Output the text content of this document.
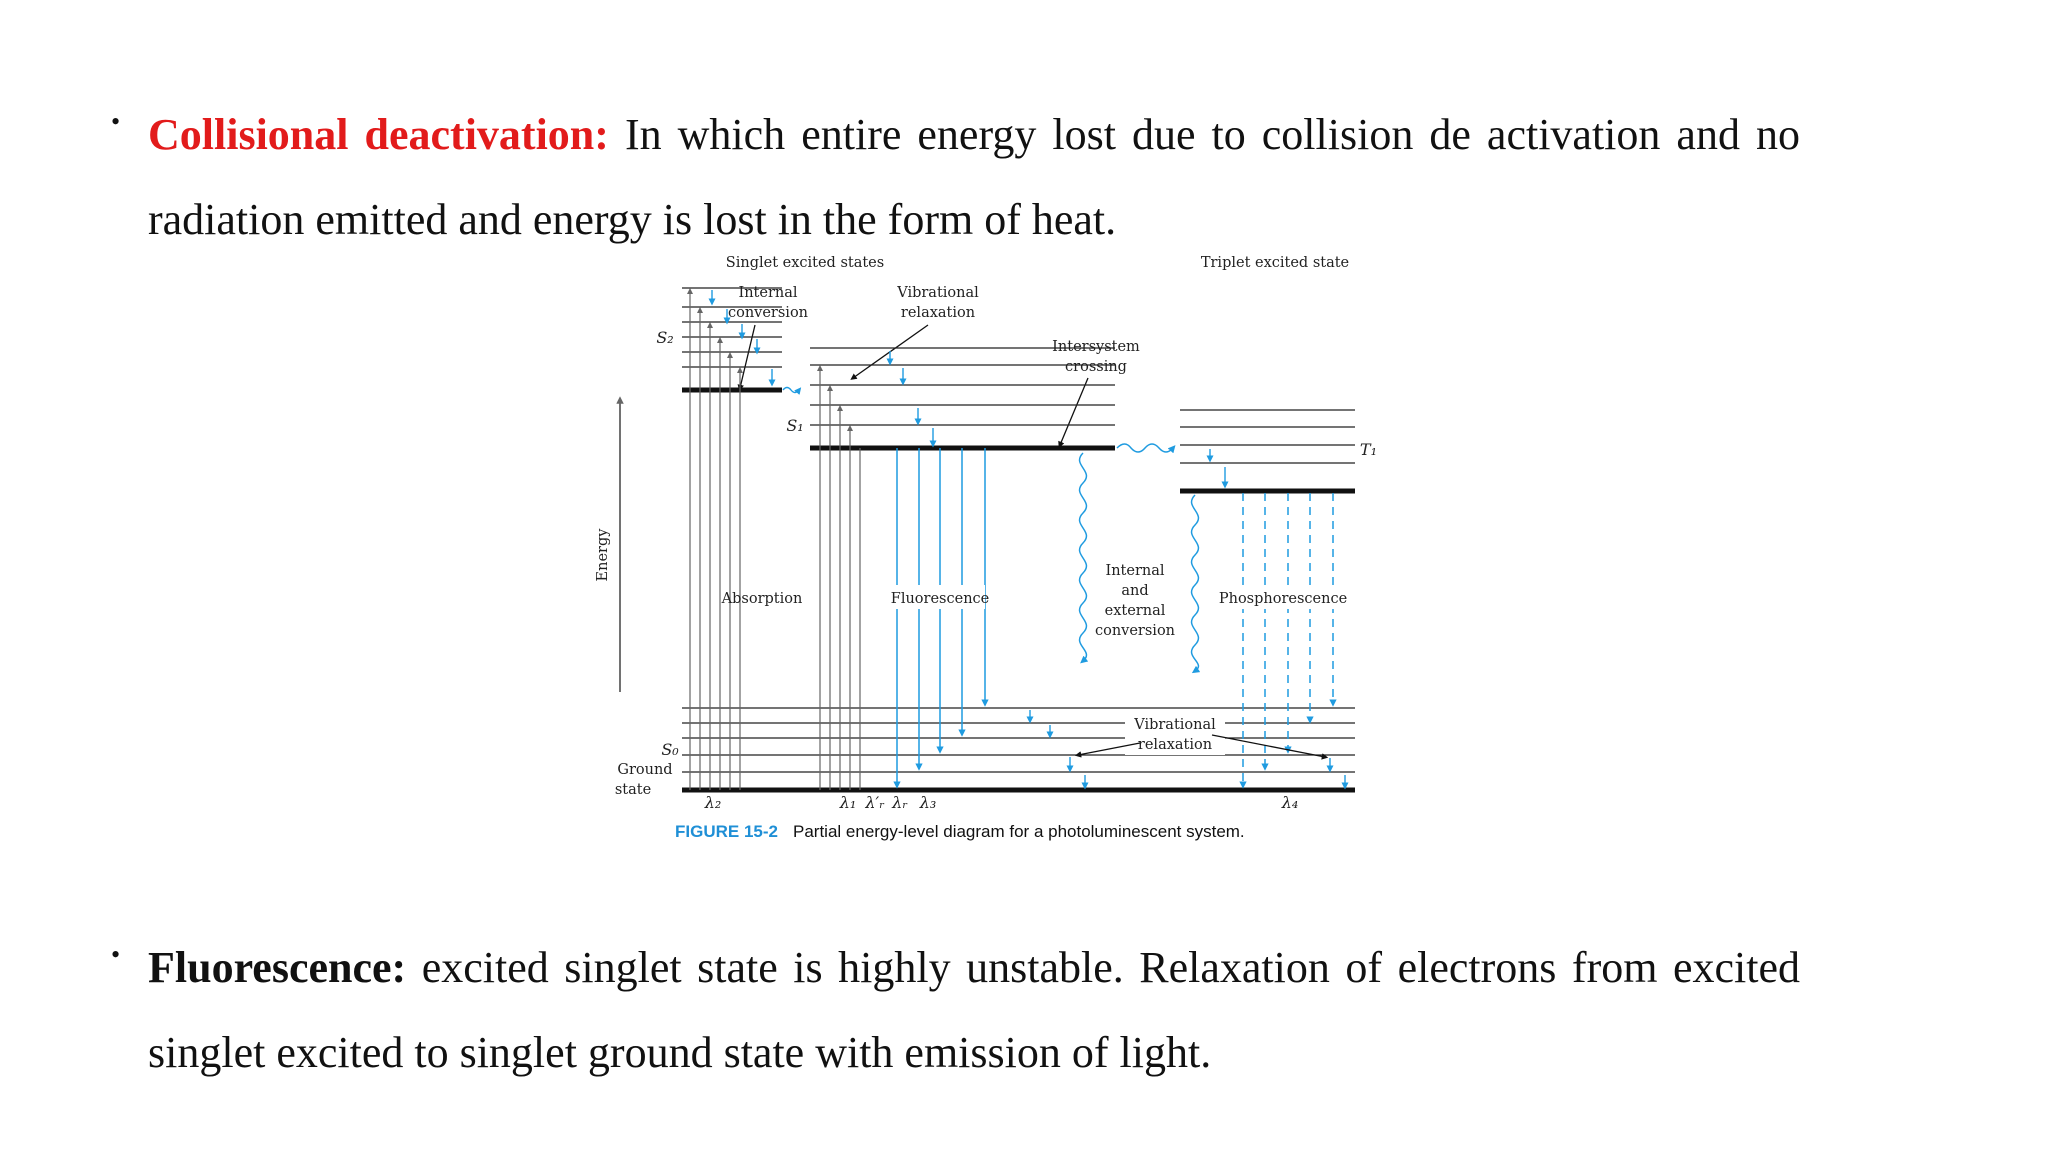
• Collisional deactivation: In which entire energy lost due to collision de activation and no radiation emitted and energy is lost in the form of heat.
Singlet excited states	Triplet excited state
Internal
conversion
Vibrational
relaxation
Intersystem
crossing
S₂
S₁
T₁
S₀
Ground
state
Energy
Absorption	Fluorescence
Internal
and
external
conversion
Phosphorescence
Vibrational
relaxation
λ₂	λ₁ λ′ᵣ λᵣ λ₃	λ₄
FIGURE 15-2 Partial energy-level diagram for a photoluminescent system.
• Fluorescence: excited singlet state is highly unstable. Relaxation of electrons from excited singlet excited to singlet ground state with emission of light.
